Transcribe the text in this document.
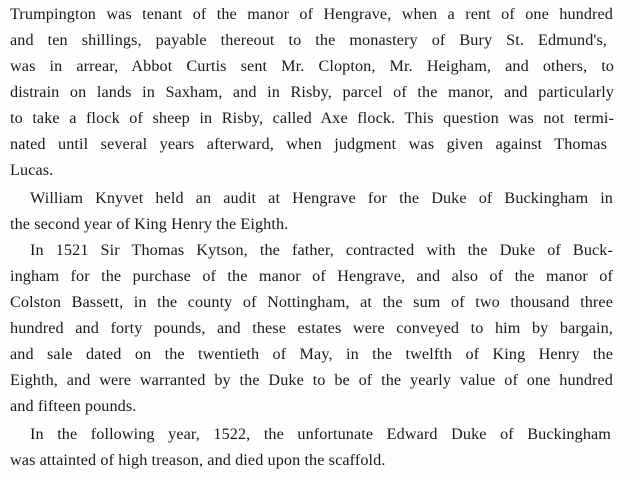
Trumpington was tenant of the manor of Hengrave, when a rent of one hundred
and ten shillings, payable thereout to the monastery of Bury St. Edmund's,
was in arrear, Abbot Curtis sent Mr. Clopton, Mr. Heigham, and others, to
distrain on lands in Saxham, and in Risby, parcel of the manor, and particularly
to take a flock of sheep in Risby, called Axe flock. This question was not termi-
nated until several years afterward, when judgment was given against Thomas
Lucas.
William Knyvet held an audit at Hengrave for the Duke of Buckingham in
the second year of King Henry the Eighth.
In 1521 Sir Thomas Kytson, the father, contracted with the Duke of Buck-
ingham for the purchase of the manor of Hengrave, and also of the manor of
Colston Bassett, in the county of Nottingham, at the sum of two thousand three
hundred and forty pounds, and these estates were conveyed to him by bargain,
and sale dated on the twentieth of May, in the twelfth of King Henry the
Eighth, and were warranted by the Duke to be of the yearly value of one hundred
and fifteen pounds.
In the following year, 1522, the unfortunate Edward Duke of Buckingham
was attainted of high treason, and died upon the scaffold.
